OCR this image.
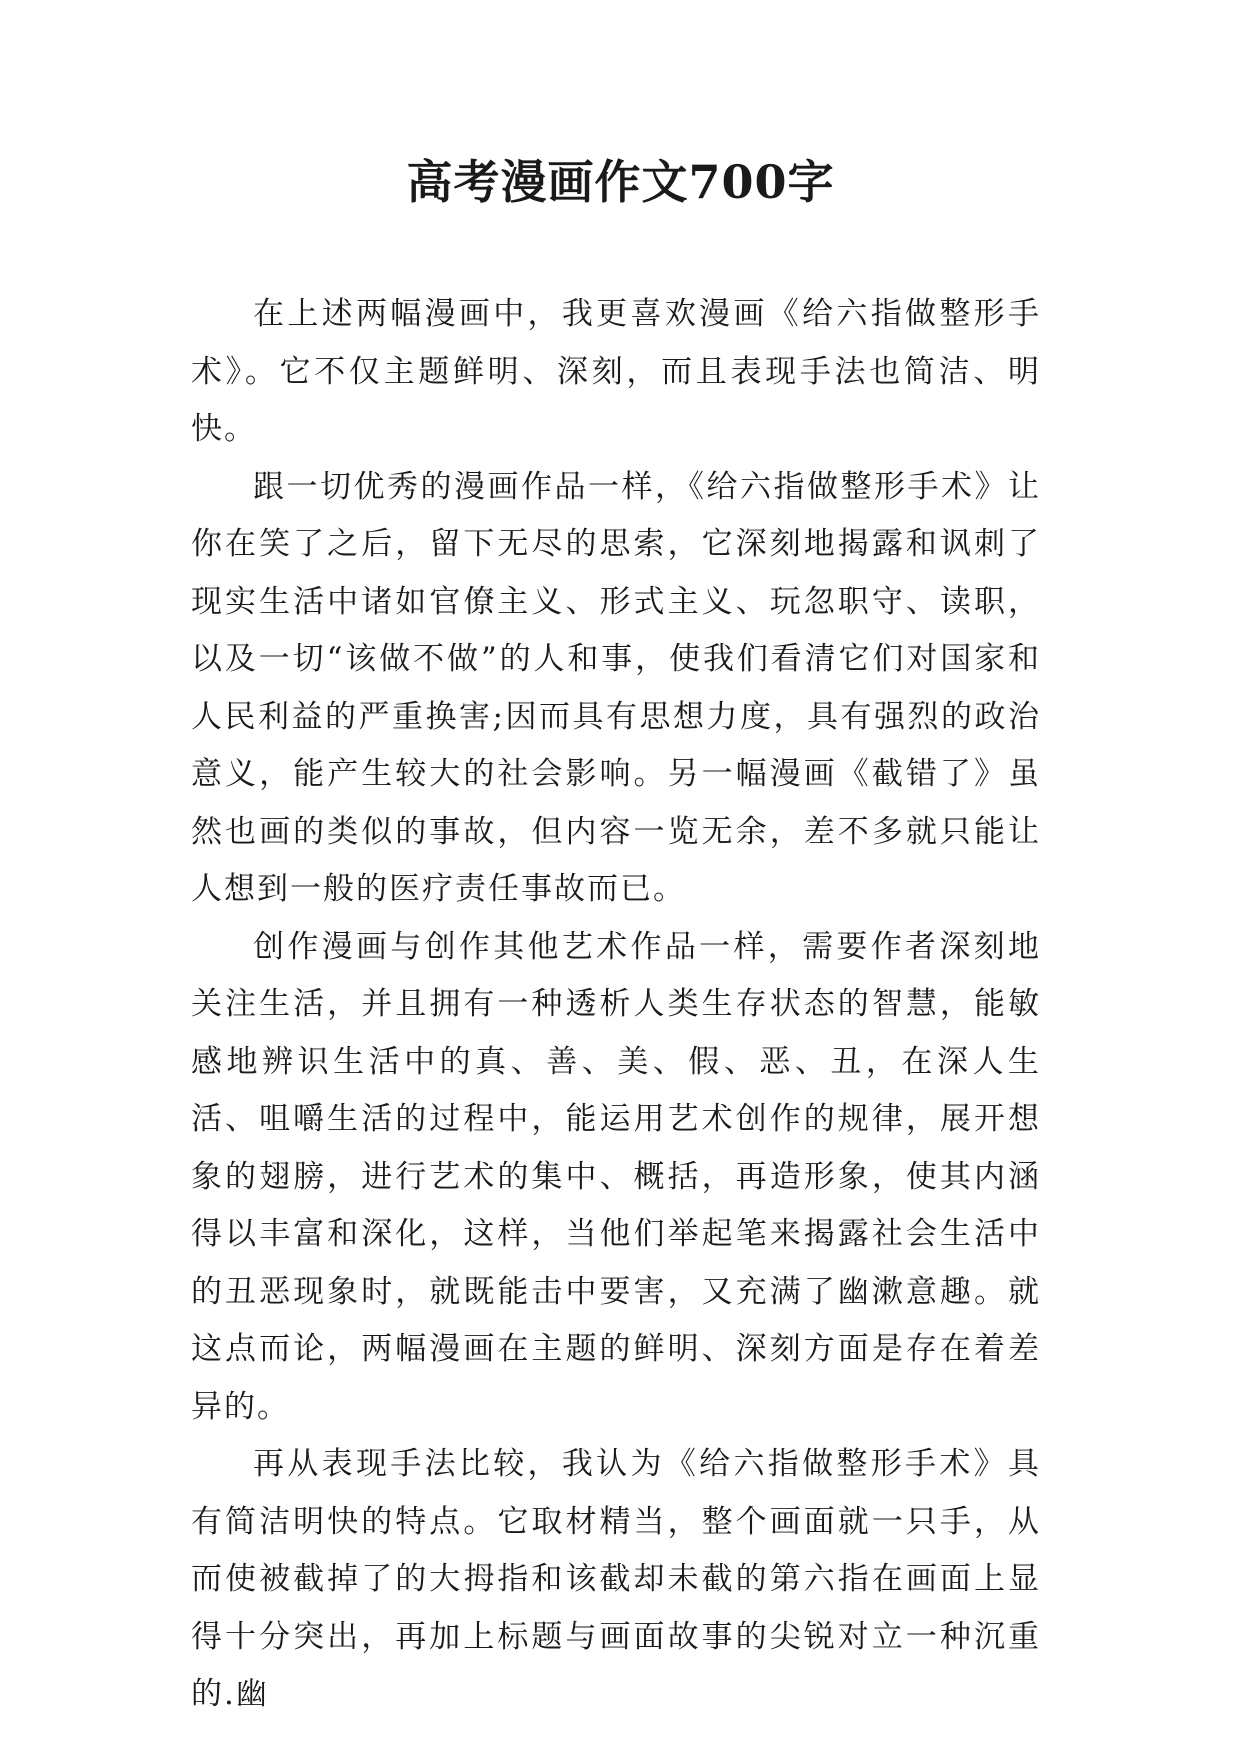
高考漫画作文700字

在上述两幅漫画中，我更喜欢漫画《给六指做整形手术》。它不仅主题鲜明、深刻，而且表现手法也简洁、明快。

跟一切优秀的漫画作品一样，《给六指做整形手术》让你在笑了之后，留下无尽的思索，它深刻地揭露和讽刺了现实生活中诸如官僚主义、形式主义、玩忽职守、读职，以及一切“该做不做”的人和事，使我们看清它们对国家和人民利益的严重换害;因而具有思想力度，具有强烈的政治意义，能产生较大的社会影响。另一幅漫画《截错了》虽然也画的类似的事故，但内容一览无余，差不多就只能让人想到一般的医疗责任事故而已。

创作漫画与创作其他艺术作品一样，需要作者深刻地关注生活，并且拥有一种透析人类生存状态的智慧，能敏感地辨识生活中的真、善、美、假、恶、丑，在深人生活、咀嚼生活的过程中，能运用艺术创作的规律，展开想象的翅膀，进行艺术的集中、概括，再造形象，使其内涵得以丰富和深化，这样，当他们举起笔来揭露社会生活中的丑恶现象时，就既能击中要害，又充满了幽漱意趣。就这点而论，两幅漫画在主题的鲜明、深刻方面是存在着差异的。

再从表现手法比较，我认为《给六指做整形手术》具有简洁明快的特点。它取材精当，整个画面就一只手，从而使被截掉了的大拇指和该截却未截的第六指在画面上显得十分突出，再加上标题与画面故事的尖锐对立一种沉重的.幽
